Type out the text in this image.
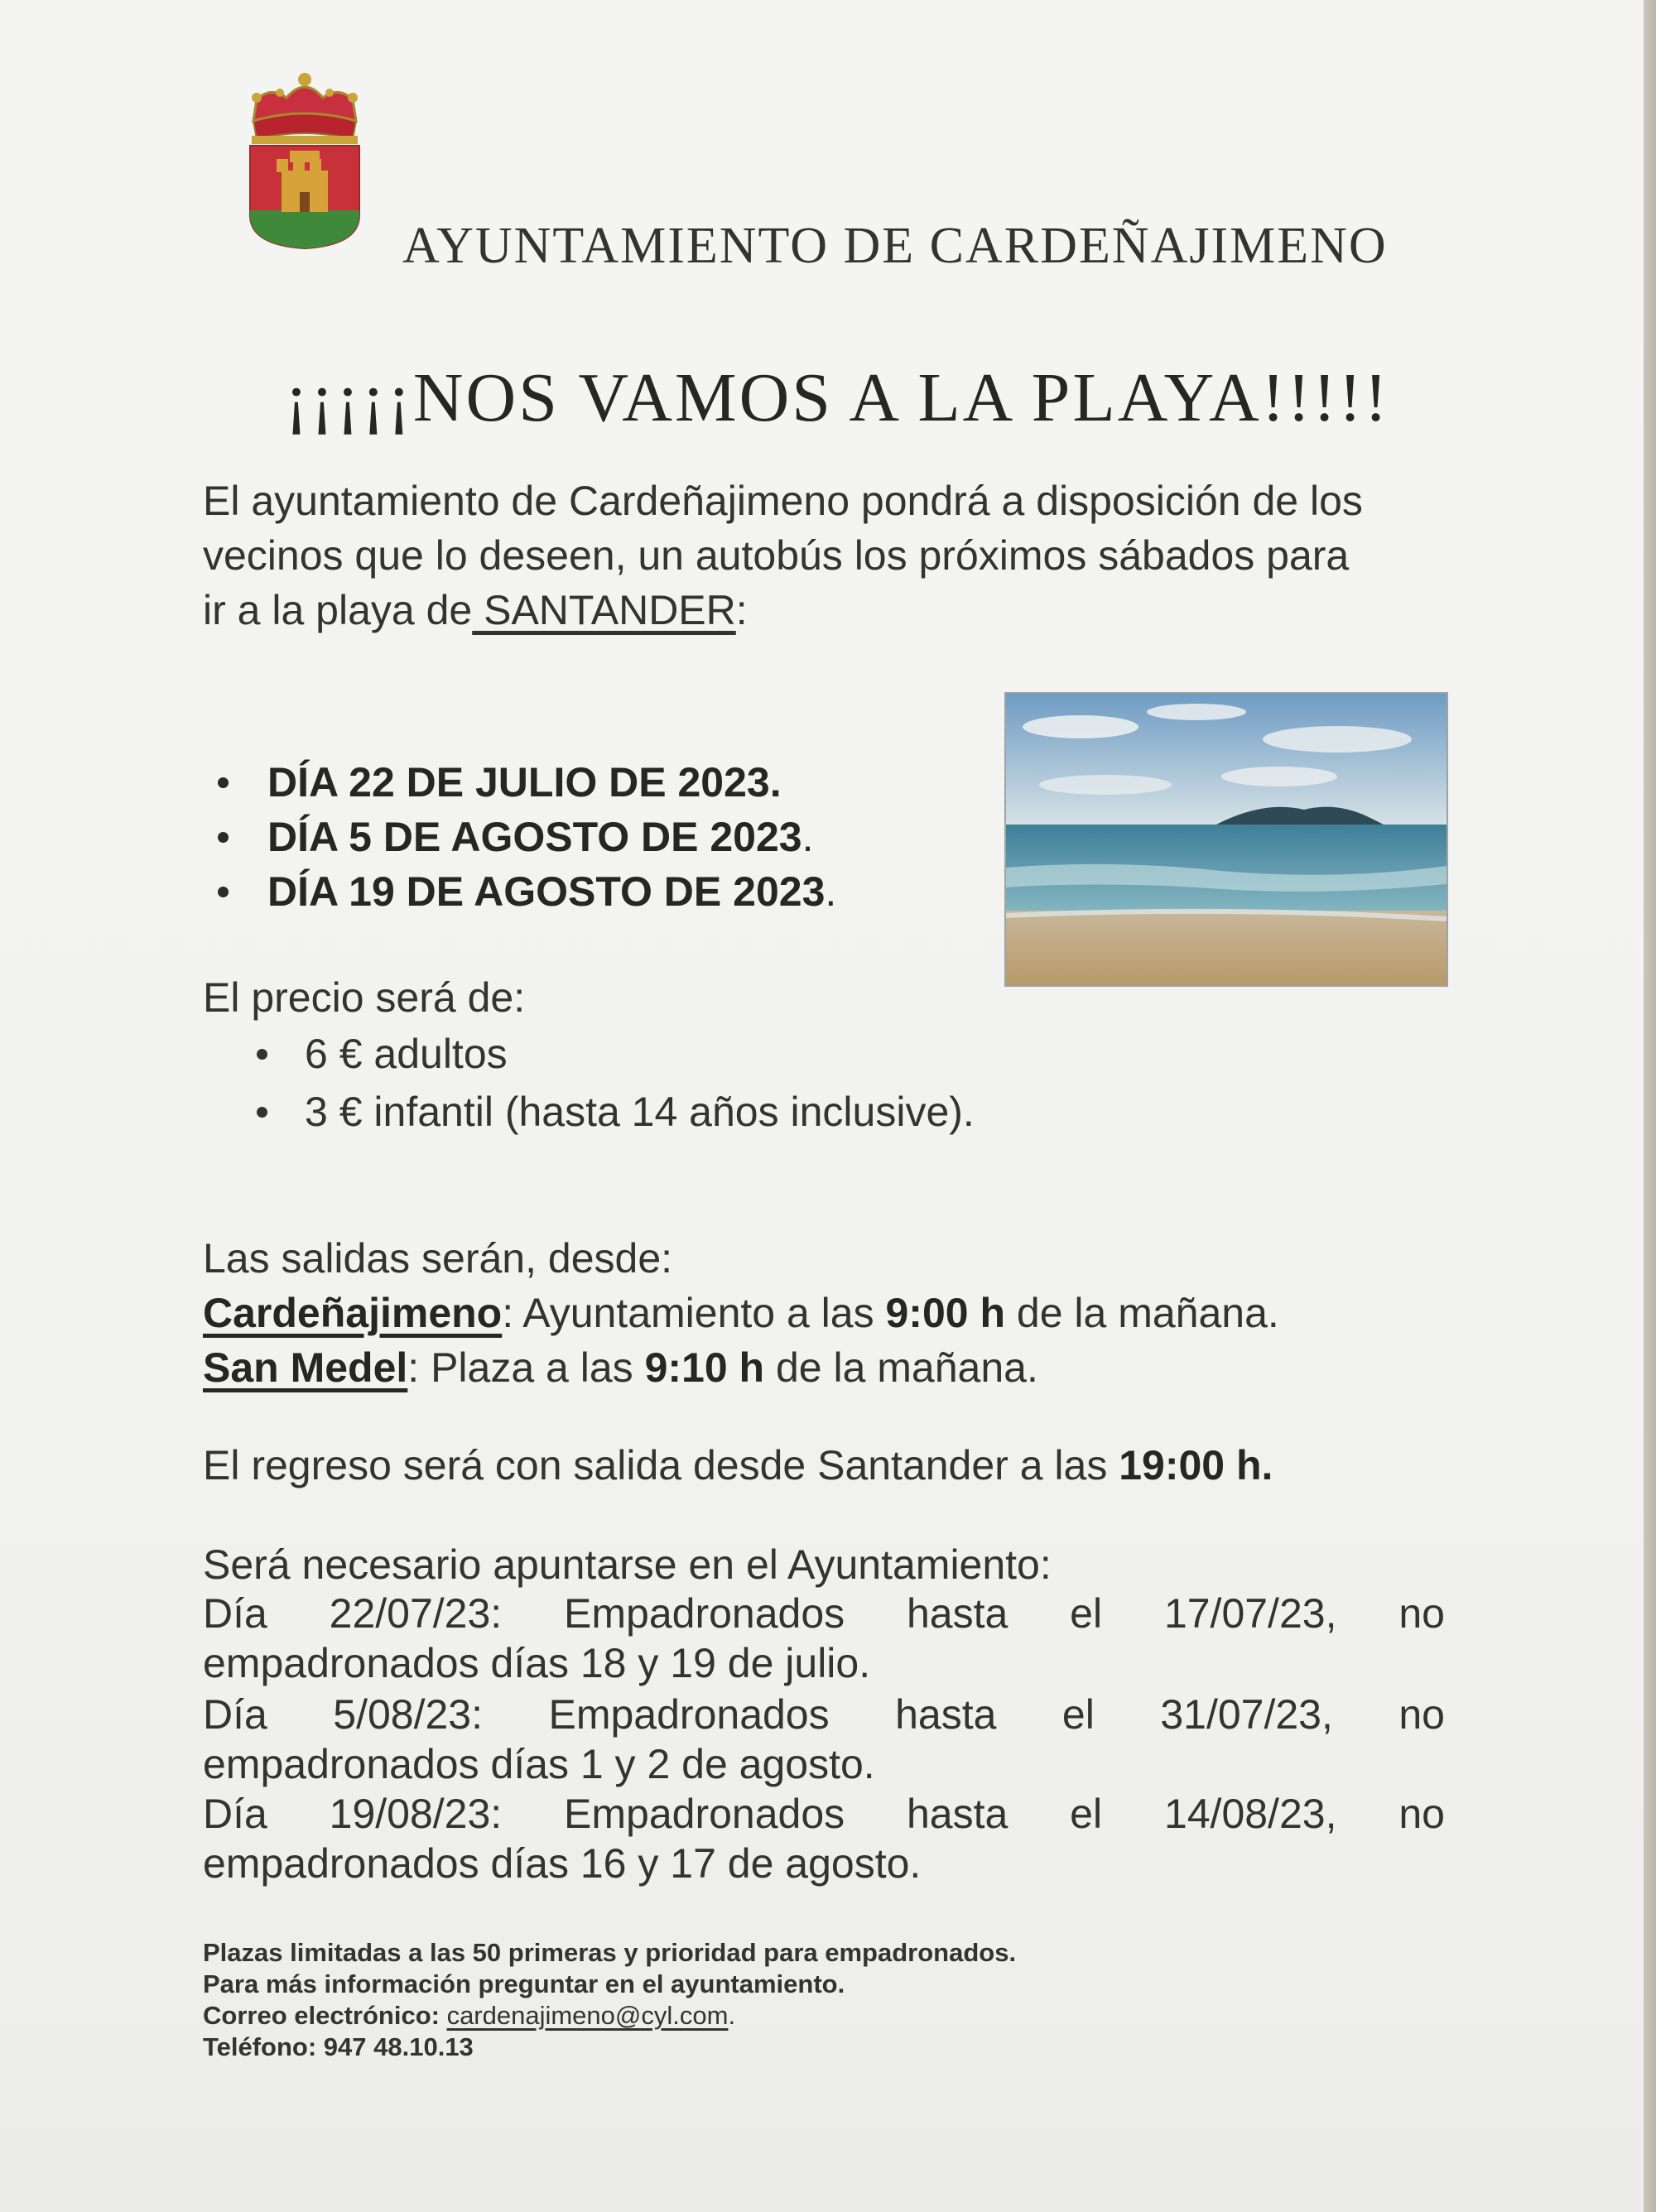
AYUNTAMIENTO DE CARDEÑAJIMENO
¡¡¡¡¡NOS VAMOS A LA PLAYA!!!!!
El ayuntamiento de Cardeñajimeno pondrá a disposición de los
vecinos que lo deseen, un autobús los próximos sábados para
ir a la playa de SANTANDER:
DÍA 22 DE JULIO DE 2023.
DÍA 5 DE AGOSTO DE 2023.
DÍA 19 DE AGOSTO DE 2023.
El precio será de:
6 € adultos
3 € infantil (hasta 14 años inclusive).
Las salidas serán, desde:
Cardeñajimeno: Ayuntamiento a las 9:00 h de la mañana.
San Medel: Plaza a las 9:10 h de la mañana.
El regreso será con salida desde Santander a las 19:00 h.
Será necesario apuntarse en el Ayuntamiento:
Día 22/07/23: Empadronados hasta el 17/07/23, no
empadronados días 18 y 19 de julio.
Día 5/08/23: Empadronados hasta el 31/07/23, no
empadronados días 1 y 2 de agosto.
Día 19/08/23: Empadronados hasta el 14/08/23, no
empadronados días 16 y 17 de agosto.
Plazas limitadas a las 50 primeras y prioridad para empadronados.
Para más información preguntar en el ayuntamiento.
Correo electrónico: cardenajimeno@cyl.com.
Teléfono: 947 48.10.13
